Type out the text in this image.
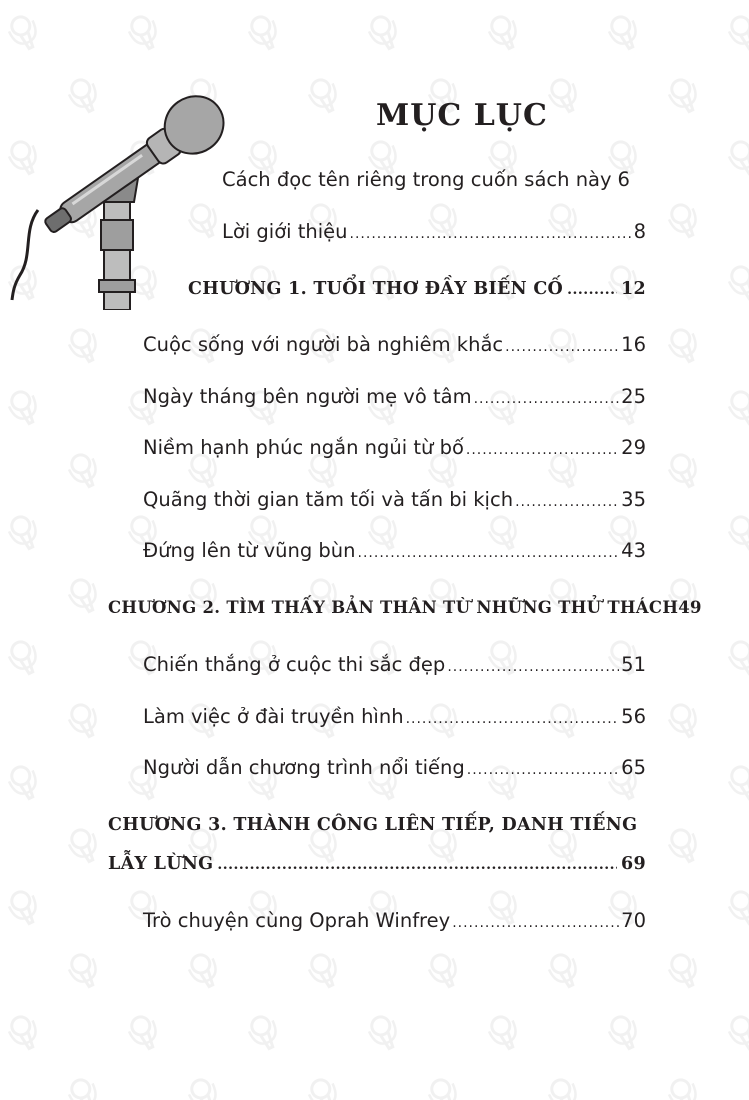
MỤC LỤC
Cách đọc tên riêng trong cuốn sách này 6
Lời giới thiệu .....	8
CHƯƠNG 1. TUỔI THƠ ĐẦY BIẾN CỐ .....	12
Cuộc sống với người bà nghiêm khắc .....	16
Ngày tháng bên người mẹ vô tâm .....	25
Niềm hạnh phúc ngắn ngủi từ bố .....	29
Quãng thời gian tăm tối và tấn bi kịch .....	35
Đứng lên từ vũng bùn .....	43
CHƯƠNG 2. TÌM THẤY BẢN THÂN TỪ NHỮNG THỬ THÁCH 49
Chiến thắng ở cuộc thi sắc đẹp .....	51
Làm việc ở đài truyền hình .....	56
Người dẫn chương trình nổi tiếng .....	65
CHƯƠNG 3. THÀNH CÔNG LIÊN TIẾP, DANH TIẾNG
LẪY LỪNG .....	69
Trò chuyện cùng Oprah Winfrey .....	70
